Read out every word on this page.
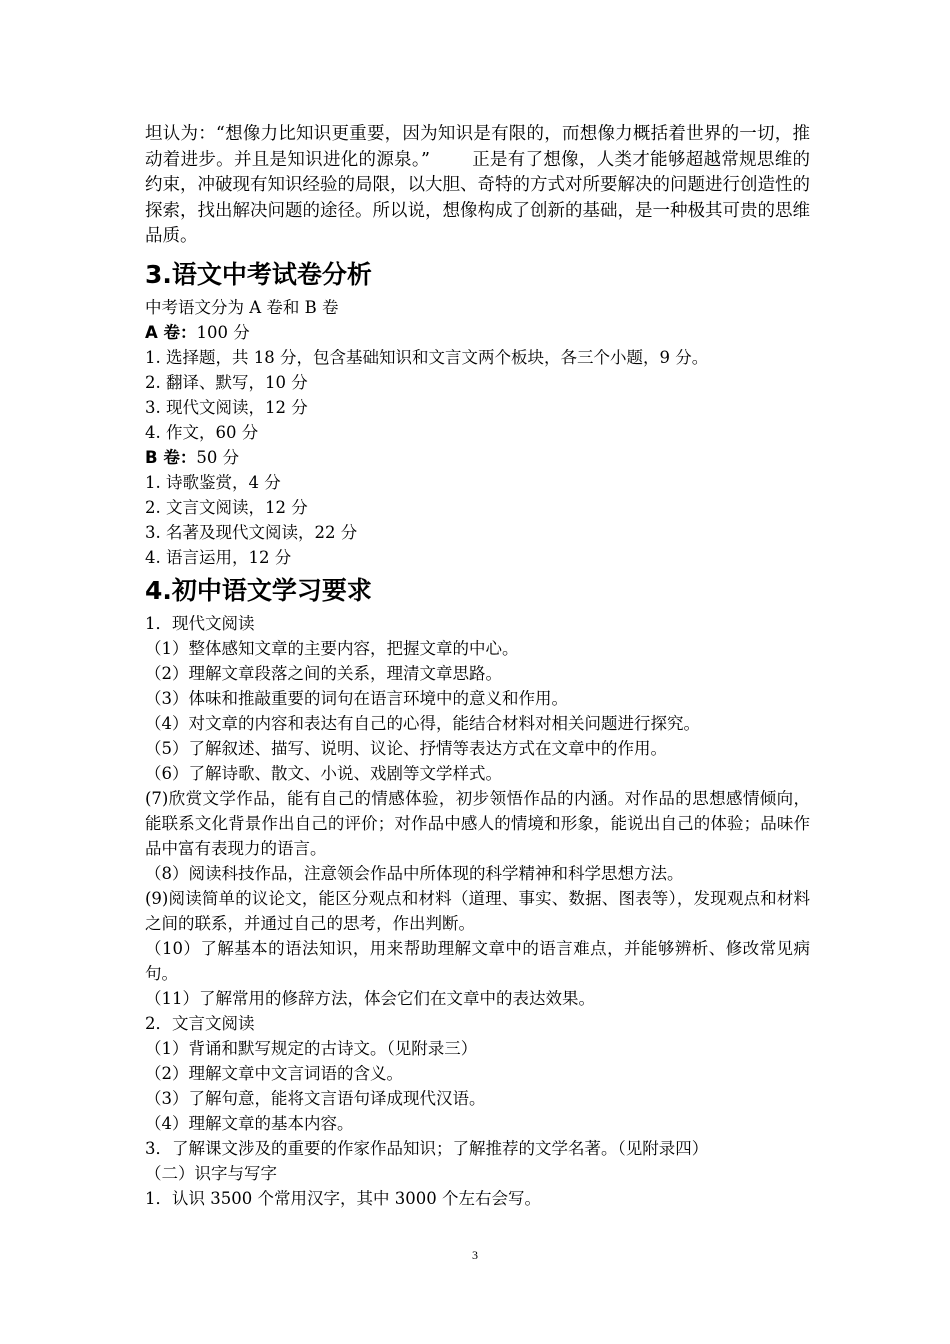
坦认为：“想像力比知识更重要，因为知识是有限的，而想像力概括着世界的一切，推动着进步。并且是知识进化的源泉。” 正是有了想像，人类才能够超越常规思维的约束，冲破现有知识经验的局限，以大胆、奇特的方式对所要解决的问题进行创造性的探索，找出解决问题的途径。所以说，想像构成了创新的基础，是一种极其可贵的思维品质。

3.语文中考试卷分析

中考语文分为 A 卷和 B 卷

A 卷：100 分

1. 选择题，共 18 分，包含基础知识和文言文两个板块，各三个小题，9 分。

2. 翻译、默写，10 分

3. 现代文阅读，12 分

4. 作文，60 分

B 卷：50 分

1. 诗歌鉴赏，4 分

2. 文言文阅读，12 分

3. 名著及现代文阅读，22 分

4. 语言运用，12 分

4.初中语文学习要求

1．现代文阅读

（1）整体感知文章的主要内容，把握文章的中心。

（2）理解文章段落之间的关系，理清文章思路。

（3）体味和推敲重要的词句在语言环境中的意义和作用。

（4）对文章的内容和表达有自己的心得，能结合材料对相关问题进行探究。

（5）了解叙述、描写、说明、议论、抒情等表达方式在文章中的作用。

（6）了解诗歌、散文、小说、戏剧等文学样式。

(7)欣赏文学作品，能有自己的情感体验，初步领悟作品的内涵。对作品的思想感情倾向，能联系文化背景作出自己的评价；对作品中感人的情境和形象，能说出自己的体验；品味作品中富有表现力的语言。

（8）阅读科技作品，注意领会作品中所体现的科学精神和科学思想方法。

(9)阅读简单的议论文，能区分观点和材料（道理、事实、数据、图表等），发现观点和材料之间的联系，并通过自己的思考，作出判断。

（10）了解基本的语法知识，用来帮助理解文章中的语言难点，并能够辨析、修改常见病句。

（11）了解常用的修辞方法，体会它们在文章中的表达效果。

2．文言文阅读

（1）背诵和默写规定的古诗文。（见附录三）

（2）理解文章中文言词语的含义。

（3）了解句意，能将文言语句译成现代汉语。

（4）理解文章的基本内容。

3．了解课文涉及的重要的作家作品知识；了解推荐的文学名著。（见附录四）

（二）识字与写字

1．认识 3500 个常用汉字，其中 3000 个左右会写。

3
